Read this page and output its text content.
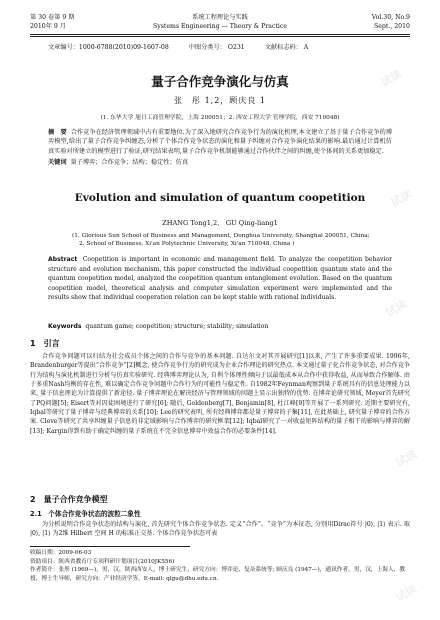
第 30 卷第 9 期	系统工程理论与实践	Vol.30, No.9
2010年 9 月	Systems Engineering — Theory & Practice	Sept., 2010
文章编号：1000-6788(2010)09-1607-08	中图分类号： O231	文献标志码： A
量子合作竞争演化与仿真
张　彤 1,2，顾庆良 1
(1. 东华大学 旭日工商管理学院，上海 200051；2. 西安工程大学 管理学院，西安 710048)
摘　要 合作竞争在经济管理领域中占有重要地位.为了深入地研究合作竞争行为的演化机理,本文建立了基于量子合作竞争的博弈模型,给出了量子合作竞争纠缠态,分析了个体合作竞争状态的演化和量子纠缠对合作竞争演化结果的影响.最后通过计算机仿真实验对所建立的模型进行了验证,研究结果表明,量子合作竞争机制能够通过合作伙伴之间的纠缠,使个体间的关系更加稳定.
关键词 量子博弈；合作竞争；结构；稳定性；仿真
Evolution and simulation of quantum coopetition
ZHANG Tong1,2,　GU Qing-liang1
(1. Glorious Sun School of Business and Management, Donghua University, Shanghai 200051, China;
2. School of Business, Xi'an Polytechnic University, Xi'an 710048, China )
Abstract Coopetition is important in economic and management field. To analyze the coopetition behavior structure and evolution mechanism, this paper constructed the individual coopetition quantum state and the quantum coopetition model, analyzed the coopetition quantum entanglement evolution. Based on the quantum coopetition model, theoretical analysis and computer simulation experiment were implemented and the results show that individual cooperation relation can be kept stable with rational individuals.
Keywords quantum game; coopetition; structure; stability; simulation
1　引言
合作竞争问题可以归结为社会成员个体之间的合作与竞争的基本问题. 自达尔文对其开展研究[1]以来, 产生了许多重要成果. 1996年, Brandenburger等提出“合作竞争”[2]概念, 使合作竞争行为的研究成为企业合作理论的研究热点. 本文通过量子化合作竞争状态, 对合作竞争行为结构与演化机制进行分析与仿真实验研究. 经典博弈理论认为, 自利个体理性倾向于以最低成本从合作中获得收益, 从而导致合作解体. 由于多重Nash均衡的存在性, 难以确定合作竞争问题中合作行为的可能性与稳定性. 自1982年Feynman观察到量子系统具有的信息处理能力以来, 量子信息理论为计算提供了新途径. 量子博弈理论在解决经济与管理领域的问题上显示出独特的优势. 在博弈论研究领域, Meyer首先研究了PQ问题[5]; Eisert等对囚徒困境进行了研究[6]; 随后, Goldenberg[7], Benjamin[8], 杜江峰[9]等开展了一系列研究. 近期主要研究有, Iqbal等研究了量子博弈与经典博弈的关系[10]; Lee的研究表明, 所有经典博弈都是量子博弈的子集[11], 在此基础上, 研究量子博弈的合作方案. Cleve等研究了共享纠缠量子信息的非定域影响与合作博弈的研究框架[12]; Iqbal研究了一对收益矩阵结构的量子相干的影响与博弈的解[13]; Kargin得到有助于确定纠缠的量子系统在不完全信息博弈中效益合作的必要条件[14].
2　量子合作竞争模型
2.1　个体合作竞争状态的波粒二象性
为分析说明合作竞争状态的结构与演化, 首先研究个体合作竞争状态. 定义“合作”、“竞争”为本征态, 分别用Dirac符号 |0⟩, |1⟩ 表示. 取 |0⟩, |1⟩ 为2维 Hilbert 空间 H 的标准正交基. 个体合作竞争状态可表
收稿日期：2009-06-03
资助项目：陕西省教育厅专项科研计划项目(2010JK556)
作者简介：张彤 (1969—)，男，汉，陕西西安人，博士研究生，研究方向：博弈论、复杂系统等; 顾庆良 (1947—)，通讯作者，男，汉，上海人，教授，博士生导师，研究方向：产业经济学等，E-mail: qlgu@dhu.edu.cn.
试读
试读
试读
试读
试读
